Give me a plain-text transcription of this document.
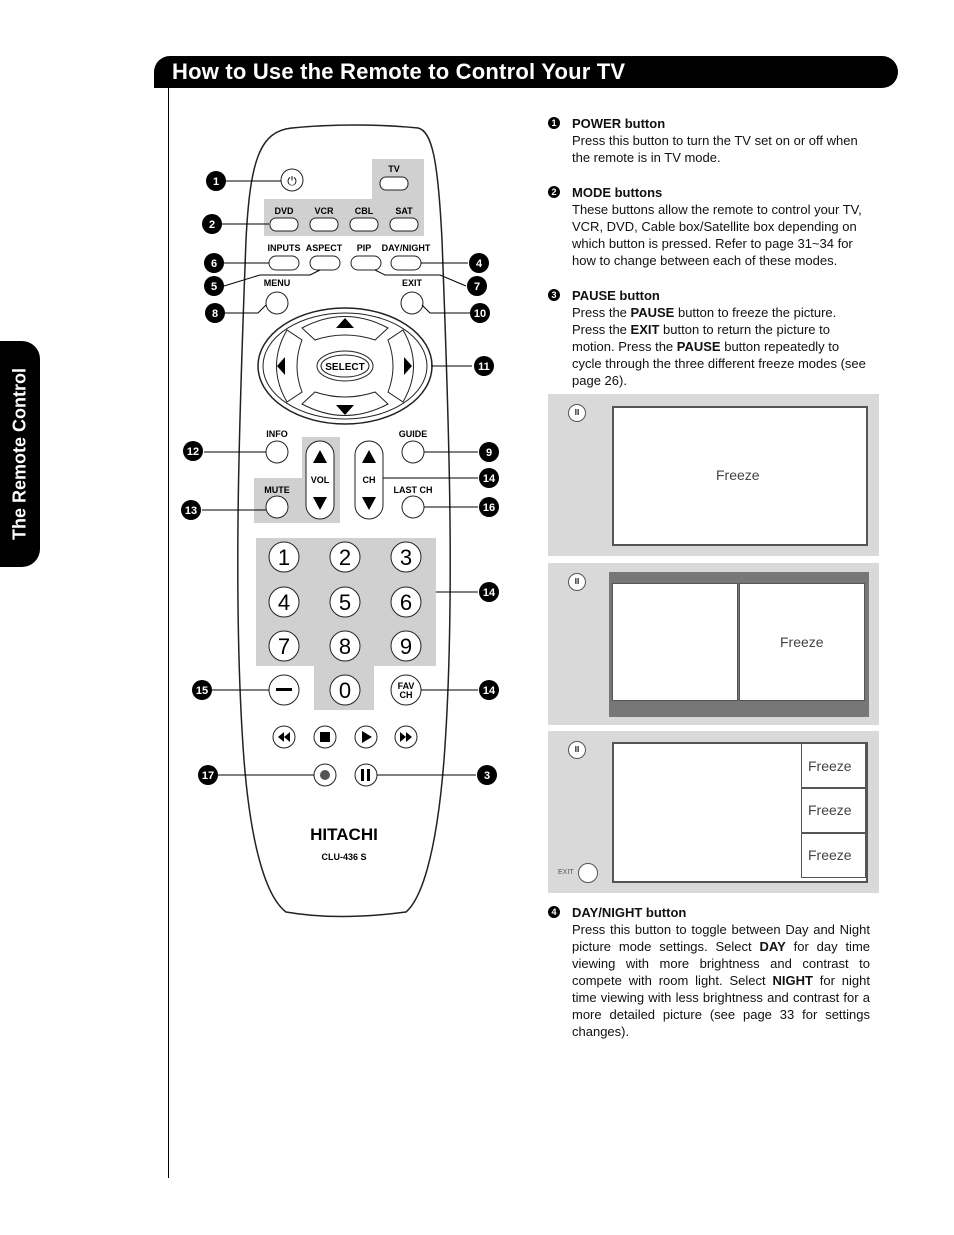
How to Use the Remote to Control Your TV
The Remote Control
⏻
TV
DVD VCR CBL SAT
INPUTS ASPECT PIP DAY/NIGHT
MENU	EXIT
SELECT
INFO	GUIDE
VOL	CH
MUTE	LAST CH
1 2 3
4 5 6
7 8 9
0	FAV
CH
HITACHI
CLU-436 S
1
2
6
5
8
12
13
15
17
4
7
10
11
9
14
16
14
14
3
1 POWER button
Press this button to turn the TV set on or off when the remote is in TV mode.
2 MODE buttons
These buttons allow the remote to control your TV, VCR, DVD, Cable box/Satellite box depending on which button is pressed. Refer to page 31~34 for how to change between each of these modes.
3 PAUSE button
Press the PAUSE button to freeze the picture. Press the EXIT button to return the picture to motion. Press the PAUSE button repeatedly to cycle through the three different freeze modes (see page 26).
II
Freeze
II
Freeze
II
Freeze
Freeze
Freeze
EXIT
4 DAY/NIGHT button
Press this button to toggle between Day and Night picture mode settings. Select DAY for day time viewing with more brightness and contrast to compete with room light. Select NIGHT for night time viewing with less brightness and contrast for a more detailed picture (see page 33 for settings changes).
